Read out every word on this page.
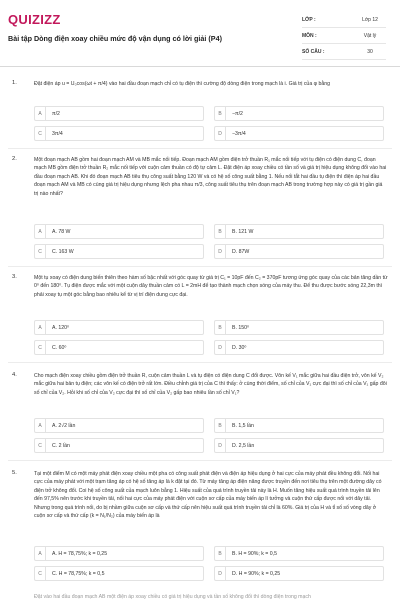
QUIZIZZ
Bài tập Dòng điện xoay chiều mức độ vận dụng có lời giải (P4)
LỚP :	Lớp 12
MÔN :	Vật lý
SỐ CÂU :	30
1.	Đặt điện áp u = U₀cos(ωt + π/4) vào hai đầu đoạn mạch chỉ có tụ điện thì cường độ dòng điện trong mạch là i. Giá trị của φ bằng
A	π/2	B	−π/2
C	3π/4	D	−3π/4
2.	Một đoạn mạch AB gồm hai đoạn mạch AM và MB mắc nối tiếp. Đoạn mạch AM gồm điện trở thuần R₁ mắc nối tiếp với tụ điện có điện dung C, đoạn mạch MB gồm điện trở thuần R₂ mắc nối tiếp với cuộn cảm thuần có độ tự cảm L. Đặt điện áp xoay chiều có tần số và giá trị hiệu dụng không đổi vào hai đầu đoạn mạch AB. Khi đó đoạn mạch AB tiêu thụ công suất bằng 120 W và có hệ số công suất bằng 1. Nếu nối tắt hai đầu tụ điện thì điện áp hai đầu đoạn mạch AM và MB có cùng giá trị hiệu dụng nhưng lệch pha nhau π/3, công suất tiêu thụ trên đoạn mạch AB trong trường hợp này có giá trị gần giá trị nào nhất?
A	A. 78 W	B	B. 121 W
C	C. 163 W	D	D. 87W
3.	Một tụ xoay có điện dung biến thiên theo hàm số bậc nhất với góc quay từ giá trị C₁ = 10pF đến C₂ = 370pF tương ứng góc quay của các bản tăng dần từ 0⁰ đến 180⁰. Tụ điện được mắc với một cuộn dây thuần cảm có L = 2mH để tạo thành mạch chọn sóng của máy thu. Để thu được bước sóng 22,3m thì phải xoay tụ một góc bằng bao nhiêu kể từ vị trí điện dung cực đại.
A	A. 120⁰	B	B. 150⁰
C	C. 60⁰	D	D. 30⁰
4.	Cho mạch điện xoay chiều gồm điện trở thuần R, cuộn cảm thuần L và tụ điện có điện dung C đổi được. Vôn kế V₁ mắc giữa hai đầu điện trở, vôn kế V₂ mắc giữa hai bản tụ điện; các vôn kế có điện trở rất lớn. Điều chỉnh giá trị của C thì thấy: ở cùng thời điểm, số chỉ của V₁ cực đại thì số chỉ của V₁ gấp đôi số chỉ của V₂. Hỏi khi số chỉ của V₂ cực đại thì số chỉ của V₂ gấp bao nhiêu lần số chỉ V₁?
A	A. 2√2 lần	B	B. 1,5 lần
C	C. 2 lần	D	D. 2,5 lần
5.	Tại một điểm M có một máy phát điện xoay chiều một pha có công suất phát điện và điện áp hiệu dụng ở hai cực của máy phát đều không đổi. Nối hai cực của máy phát với một trạm tăng áp có hệ số tăng áp là k đặt tại đó. Từ máy tăng áp điện năng được truyền đến nơi tiêu thụ trên một đường dây có điện trở không đổi. Coi hệ số công suất của mạch luôn bằng 1. Hiệu suất của quá trình truyền tải này là H. Muốn tăng hiệu suất quá trình truyền tải lên đến 97,5% nên trước khi truyền tải, nối hai cực của máy phát điện với cuộn sơ cấp của máy biến áp lí tưởng và cuộn thứ cấp được nối với dây tải. Nhưng trong quá trình nối, do bị nhầm giữa cuộn sơ cấp và thứ cấp nên hiệu suất quá trình truyền tải chỉ là 60%. Giá trị của H và tỉ số số vòng dây ở cuộn sơ cấp và thứ cấp (k = N₁/N₂) của máy biến áp là
A	A. H = 78,75%; k = 0,25	B	B. H = 90%; k = 0,5
C	C. H = 78,75%; k = 0,5	D	D. H = 90%; k = 0,25
Đặt vào hai đầu đoạn mạch AB một điện áp xoay chiều có giá trị hiệu dụng và tần số không đổi thì dòng điện trong mạch
